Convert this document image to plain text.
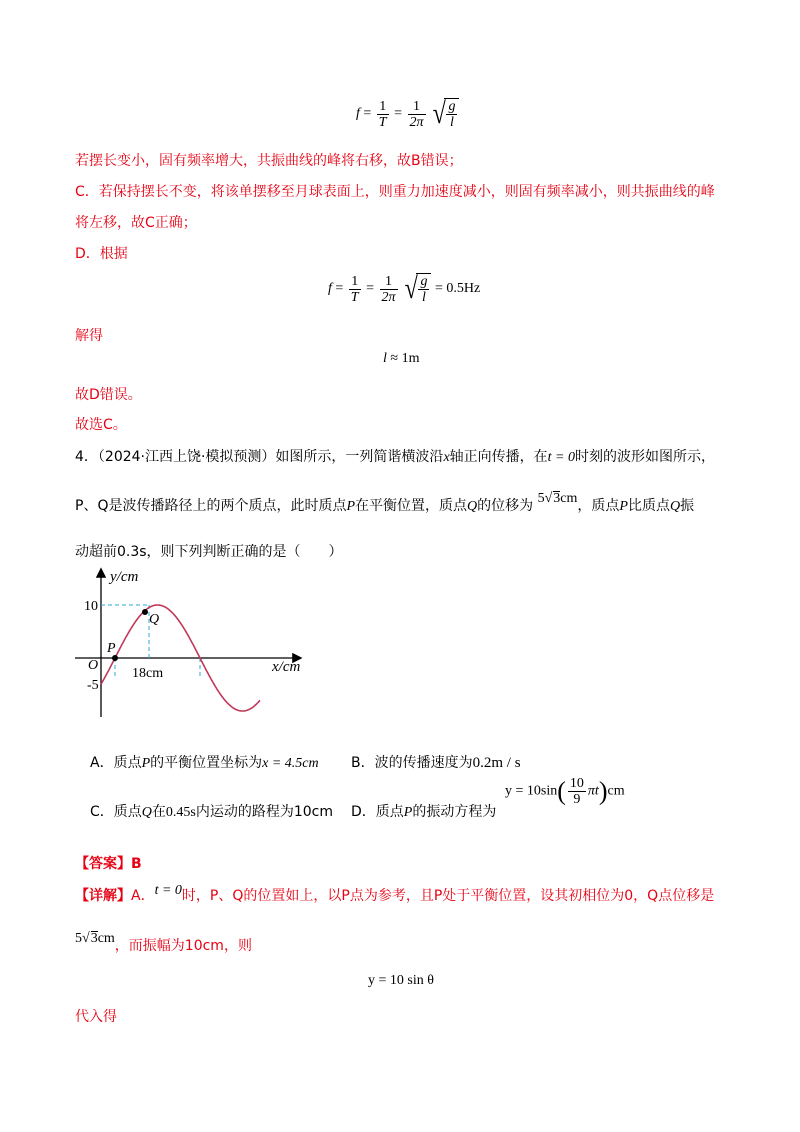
$f = \frac{1}{T} = \frac{1}{2\pi}$ √ $\frac{g}{l}$
若摆长变小，固有频率增大，共振曲线的峰将右移，故B错误；
C．若保持摆长不变，将该单摆移至月球表面上，则重力加速度减小，则固有频率减小，则共振曲线的峰
将左移，故C正确；
D．根据
$f = \frac{1}{T} = \frac{1}{2\pi}$ √ $\frac{g}{l} = 0.5Hz$
解得
l ≈ 1m
故D错误。
故选C。
4．（2024·江西上饶·模拟预测）如图所示，一列简谐横波沿x轴正向传播，在t = 0时刻的波形如图所示，
P、Q是波传播路径上的两个质点，此时质点P在平衡位置，质点Q的位移为 5√3cm，质点P比质点Q振
动超前0.3s，则下列判断正确的是（　　）
y/cm
x/cm
10
-5
O
P
Q
18cm
A．质点P的平衡位置坐标为x = 4.5cm B．波的传播速度为0.2m / s
C．质点Q在0.45s内运动的路程为10cm D．质点P的振动方程为
$y = 10\sin( \frac{10}{9} \pi t)cm$
【答案】B
【详解】A．t = 0时，P、Q的位置如上，以P点为参考，且P处于平衡位置，设其初相位为0，Q点位移是
5√3cm，而振幅为10cm，则
y = 10 sin θ
代入得
